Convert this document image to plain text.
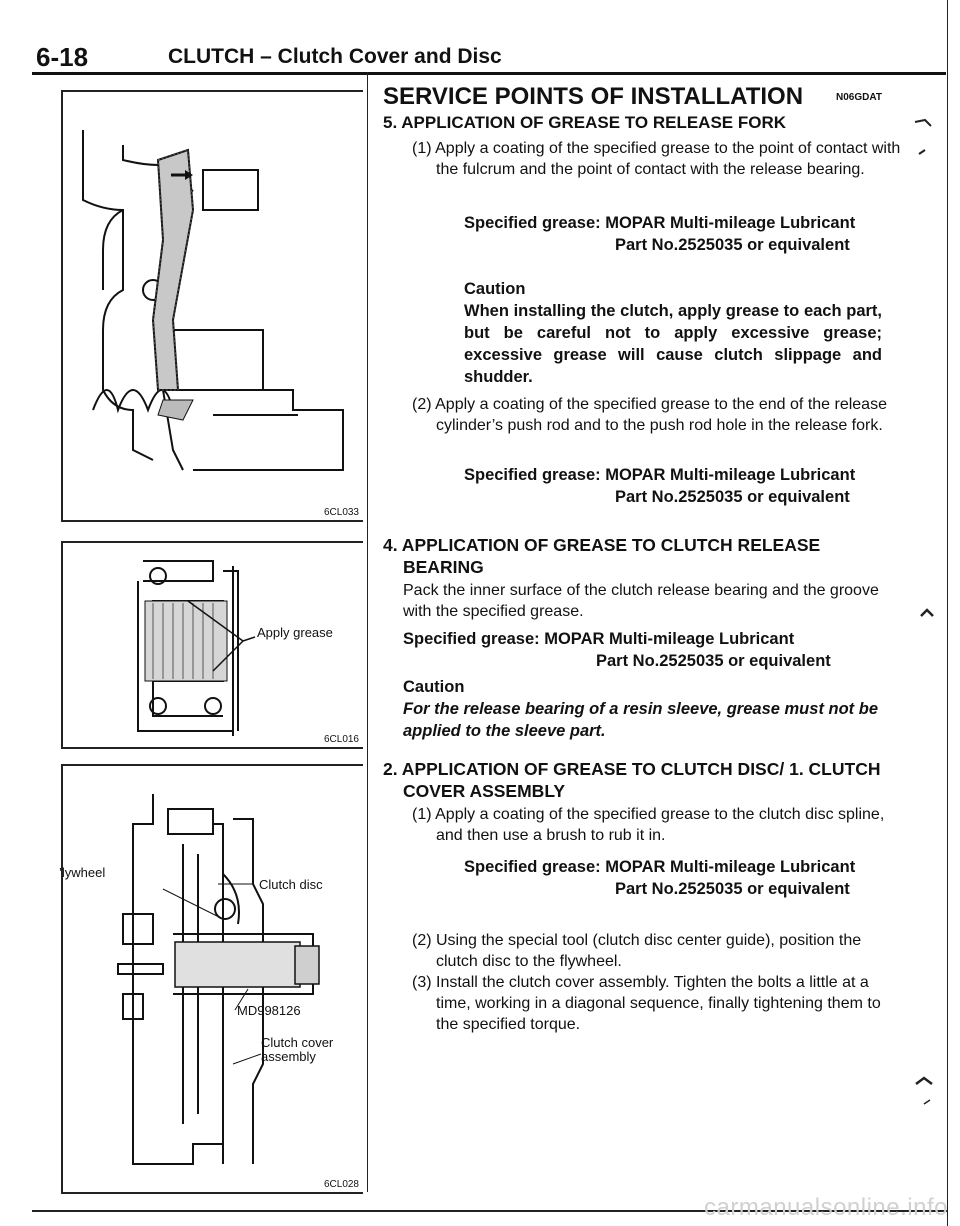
6-18	CLUTCH – Clutch Cover and Disc
6CL033
Apply grease
6CL016
’lywheel
Clutch disc
MD998126
Clutch cover
assembly
6CL028
SERVICE POINTS OF INSTALLATION	N06GDAT
5. APPLICATION OF GREASE TO RELEASE FORK
(1) Apply a coating of the specified grease to the point of contact with the fulcrum and the point of contact with the release bearing.
Specified grease: MOPAR Multi-mileage Lubricant
Part No.2525035 or equivalent
Caution
When installing the clutch, apply grease to each part, but be careful not to apply excessive grease; excessive grease will cause clutch slippage and shudder.
(2) Apply a coating of the specified grease to the end of the release cylinder’s push rod and to the push rod hole in the release fork.
Specified grease: MOPAR Multi-mileage Lubricant
Part No.2525035 or equivalent
4. APPLICATION OF GREASE TO CLUTCH RELEASE BEARING
Pack the inner surface of the clutch release bearing and the groove with the specified grease.
Specified grease: MOPAR Multi-mileage Lubricant
Part No.2525035 or equivalent
Caution
For the release bearing of a resin sleeve, grease must not be applied to the sleeve part.
2. APPLICATION OF GREASE TO CLUTCH DISC/ 1. CLUTCH COVER ASSEMBLY
(1) Apply a coating of the specified grease to the clutch disc spline, and then use a brush to rub it in.
Specified grease: MOPAR Multi-mileage Lubricant
Part No.2525035 or equivalent
(2) Using the special tool (clutch disc center guide), position the clutch disc to the flywheel.
(3) Install the clutch cover assembly. Tighten the bolts a little at a time, working in a diagonal sequence, finally tightening them to the specified torque.
carmanualsonline.info
